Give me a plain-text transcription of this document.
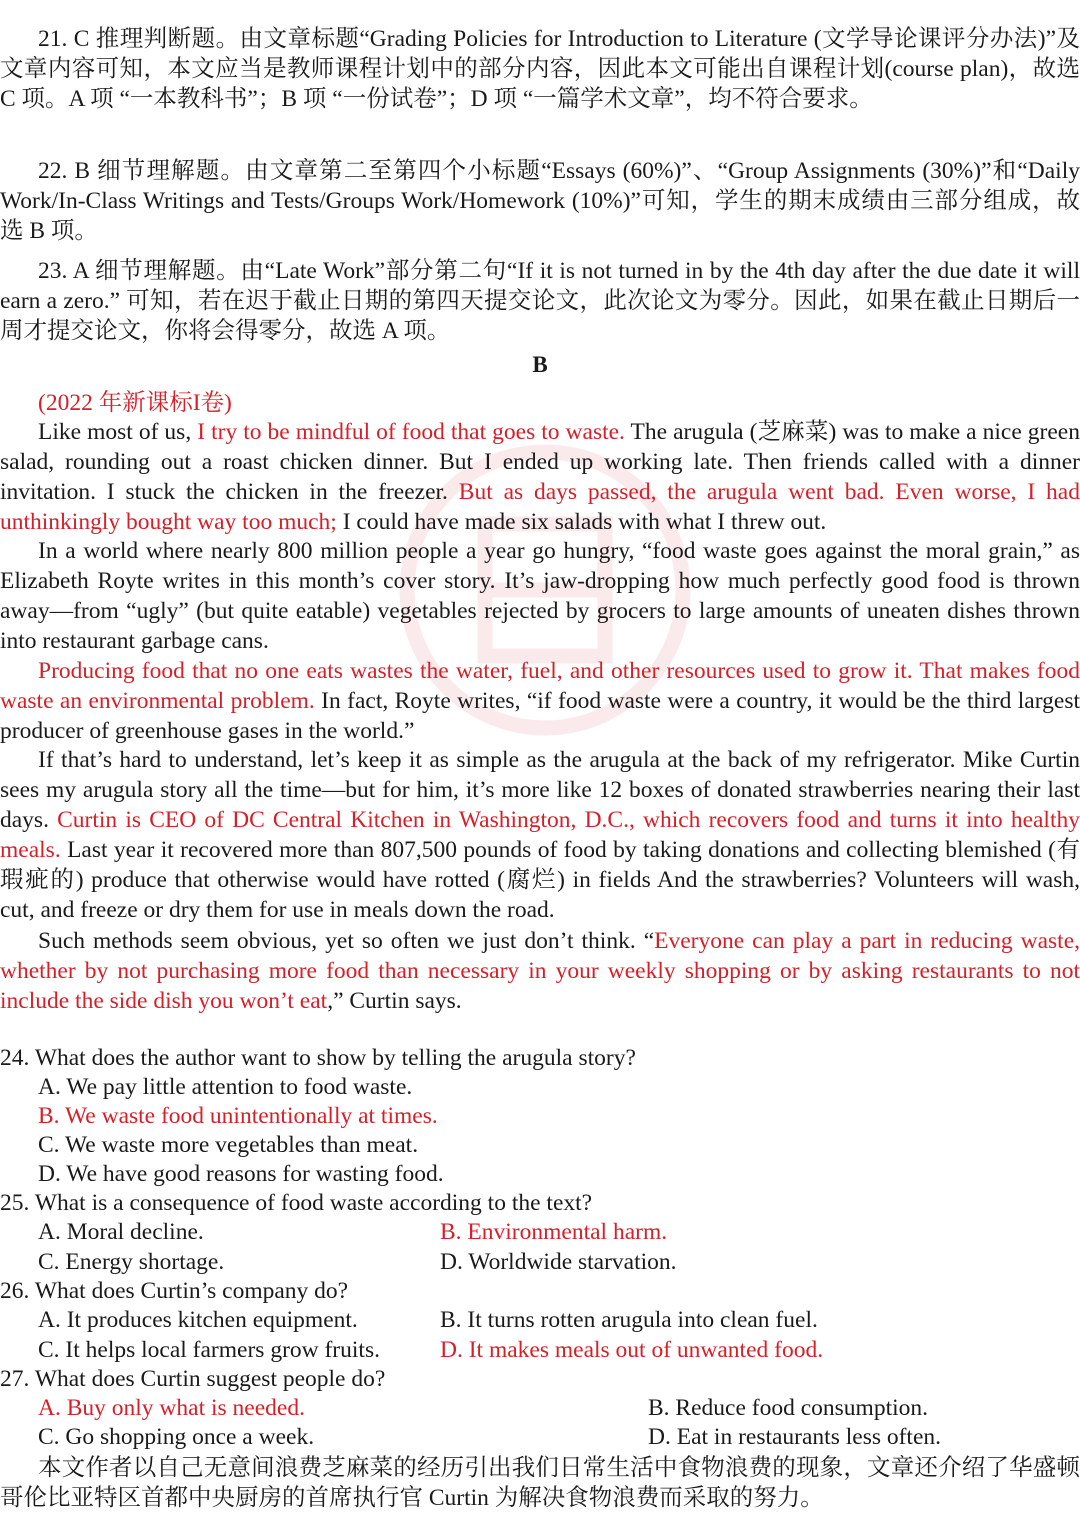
21. C 推理判断题。由文章标题“Grading Policies for Introduction to Literature (文学导论课评分办法)”及文章内容可知，本文应当是教师课程计划中的部分内容，因此本文可能出自课程计划(course plan)，故选 C 项。A 项 “一本教科书”；B 项 “一份试卷”；D 项 “一篇学术文章”，均不符合要求。

22. B 细节理解题。由文章第二至第四个小标题“Essays (60%)”、“Group Assignments (30%)”和“Daily Work/In-Class Writings and Tests/Groups Work/Homework (10%)”可知，学生的期末成绩由三部分组成，故选 B 项。

23. A 细节理解题。由“Late Work”部分第二句“If it is not turned in by the 4th day after the due date it will earn a zero.” 可知，若在迟于截止日期的第四天提交论文，此次论文为零分。因此，如果在截止日期后一周才提交论文，你将会得零分，故选 A 项。

B
(2022 年新课标I卷)

Like most of us, I try to be mindful of food that goes to waste. The arugula (芝麻菜) was to make a nice green salad, rounding out a roast chicken dinner. But I ended up working late. Then friends called with a dinner invitation. I stuck the chicken in the freezer. But as days passed, the arugula went bad. Even worse, I had unthinkingly bought way too much; I could have made six salads with what I threw out.

In a world where nearly 800 million people a year go hungry, “food waste goes against the moral grain,” as Elizabeth Royte writes in this month’s cover story. It’s jaw-dropping how much perfectly good food is thrown away—from “ugly” (but quite eatable) vegetables rejected by grocers to large amounts of uneaten dishes thrown into restaurant garbage cans.

Producing food that no one eats wastes the water, fuel, and other resources used to grow it. That makes food waste an environmental problem. In fact, Royte writes, “if food waste were a country, it would be the third largest producer of greenhouse gases in the world.”

If that’s hard to understand, let’s keep it as simple as the arugula at the back of my refrigerator. Mike Curtin sees my arugula story all the time—but for him, it’s more like 12 boxes of donated strawberries nearing their last days. Curtin is CEO of DC Central Kitchen in Washington, D.C., which recovers food and turns it into healthy meals. Last year it recovered more than 807,500 pounds of food by taking donations and collecting blemished (有瑕疵的) produce that otherwise would have rotted (腐烂) in fields And the strawberries? Volunteers will wash, cut, and freeze or dry them for use in meals down the road.

Such methods seem obvious, yet so often we just don’t think. “Everyone can play a part in reducing waste, whether by not purchasing more food than necessary in your weekly shopping or by asking restaurants to not include the side dish you won’t eat,” Curtin says.

24. What does the author want to show by telling the arugula story?
A. We pay little attention to food waste.
B. We waste food unintentionally at times.
C. We waste more vegetables than meat.
D. We have good reasons for wasting food.
25. What is a consequence of food waste according to the text?
A. Moral decline.	B. Environmental harm.
C. Energy shortage.	D. Worldwide starvation.
26. What does Curtin’s company do?
A. It produces kitchen equipment.	B. It turns rotten arugula into clean fuel.
C. It helps local farmers grow fruits.	D. It makes meals out of unwanted food.
27. What does Curtin suggest people do?
A. Buy only what is needed.	B. Reduce food consumption.
C. Go shopping once a week.	D. Eat in restaurants less often.

本文作者以自己无意间浪费芝麻菜的经历引出我们日常生活中食物浪费的现象，文章还介绍了华盛顿哥伦比亚特区首都中央厨房的首席执行官 Curtin 为解决食物浪费而采取的努力。
